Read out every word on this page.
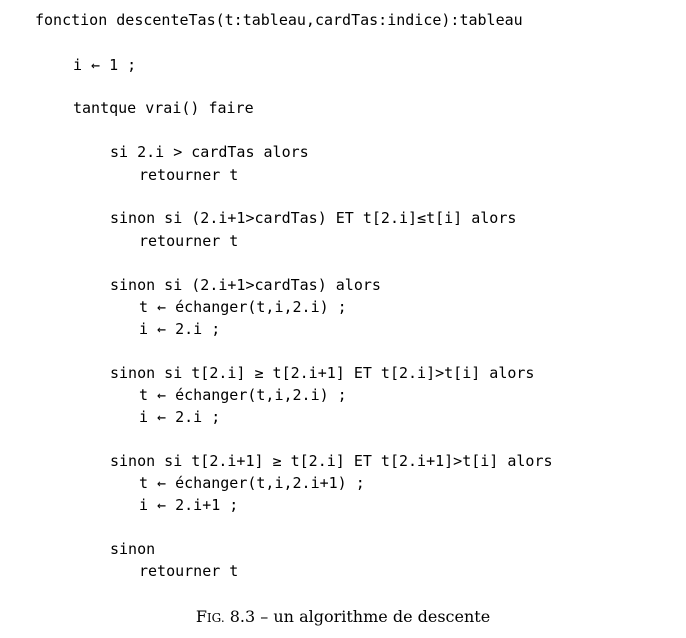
fonction descenteTas(t:tableau,cardTas:indice):tableau
i ← 1 ;
tantque vrai() faire
si 2.i > cardTas alors
retourner t
sinon si (2.i+1>cardTas) ET t[2.i]≤t[i] alors
retourner t
sinon si (2.i+1>cardTas) alors
t ← échanger(t,i,2.i) ;
i ← 2.i ;
sinon si t[2.i] ≥ t[2.i+1] ET t[2.i]>t[i] alors
t ← échanger(t,i,2.i) ;
i ← 2.i ;
sinon si t[2.i+1] ≥ t[2.i] ET t[2.i+1]>t[i] alors
t ← échanger(t,i,2.i+1) ;
i ← 2.i+1 ;
sinon
retourner t
FIG. 8.3 – un algorithme de descente
